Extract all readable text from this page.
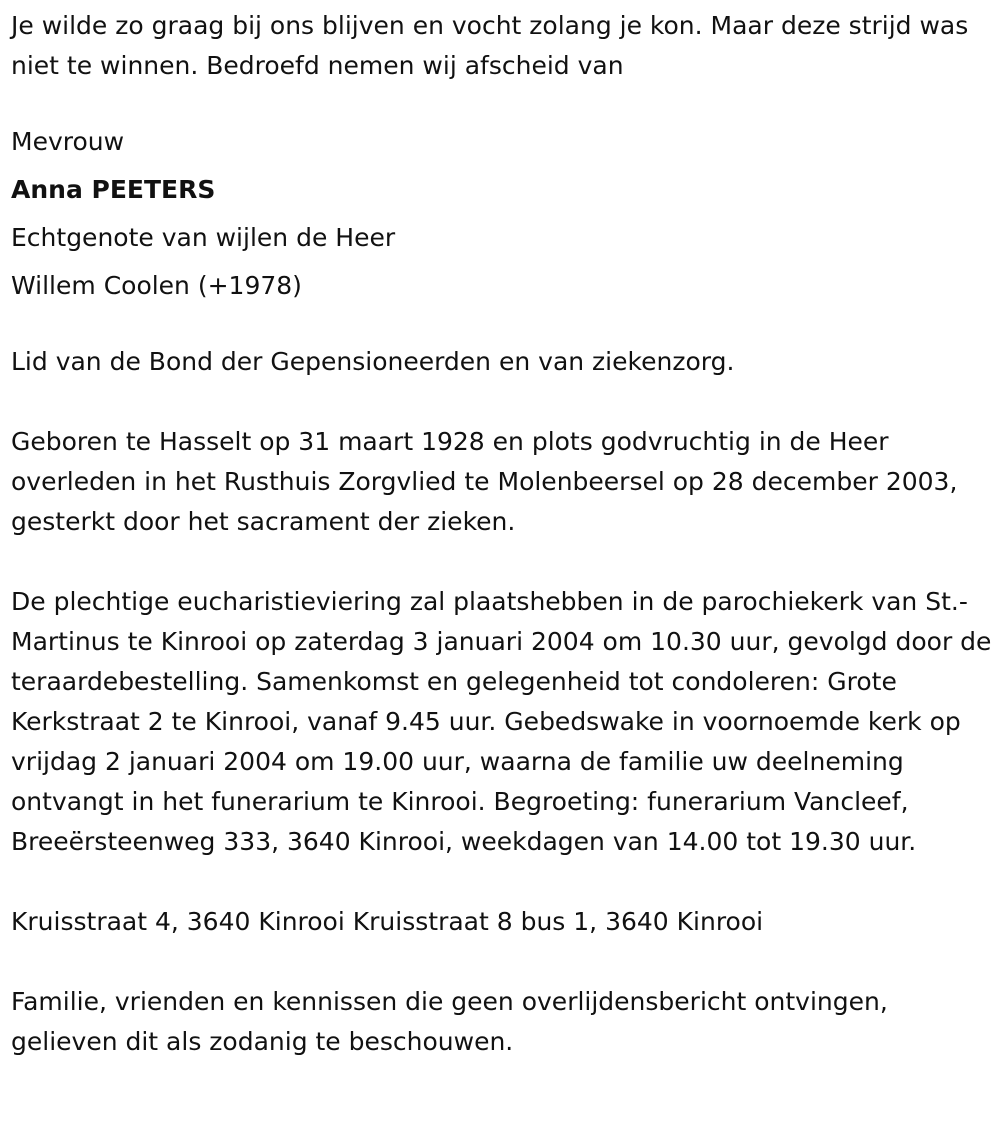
Je wilde zo graag bij ons blijven en vocht zolang je kon. Maar deze strijd was niet te winnen. Bedroefd nemen wij afscheid van

Mevrouw

Anna PEETERS

Echtgenote van wijlen de Heer

Willem Coolen (+1978)

Lid van de Bond der Gepensioneerden en van ziekenzorg.

Geboren te Hasselt op 31 maart 1928 en plots godvruchtig in de Heer overleden in het Rusthuis Zorgvlied te Molenbeersel op 28 december 2003, gesterkt door het sacrament der zieken.

De plechtige eucharistieviering zal plaatshebben in de parochiekerk van St.- Martinus te Kinrooi op zaterdag 3 januari 2004 om 10.30 uur, gevolgd door de teraardebestelling. Samenkomst en gelegenheid tot condoleren: Grote Kerkstraat 2 te Kinrooi, vanaf 9.45 uur. Gebedswake in voornoemde kerk op vrijdag 2 januari 2004 om 19.00 uur, waarna de familie uw deelneming ontvangt in het funerarium te Kinrooi. Begroeting: funerarium Vancleef, Breeërsteenweg 333, 3640 Kinrooi, weekdagen van 14.00 tot 19.30 uur.

Kruisstraat 4, 3640 Kinrooi Kruisstraat 8 bus 1, 3640 Kinrooi

Familie, vrienden en kennissen die geen overlijdensbericht ontvingen, gelieven dit als zodanig te beschouwen.
